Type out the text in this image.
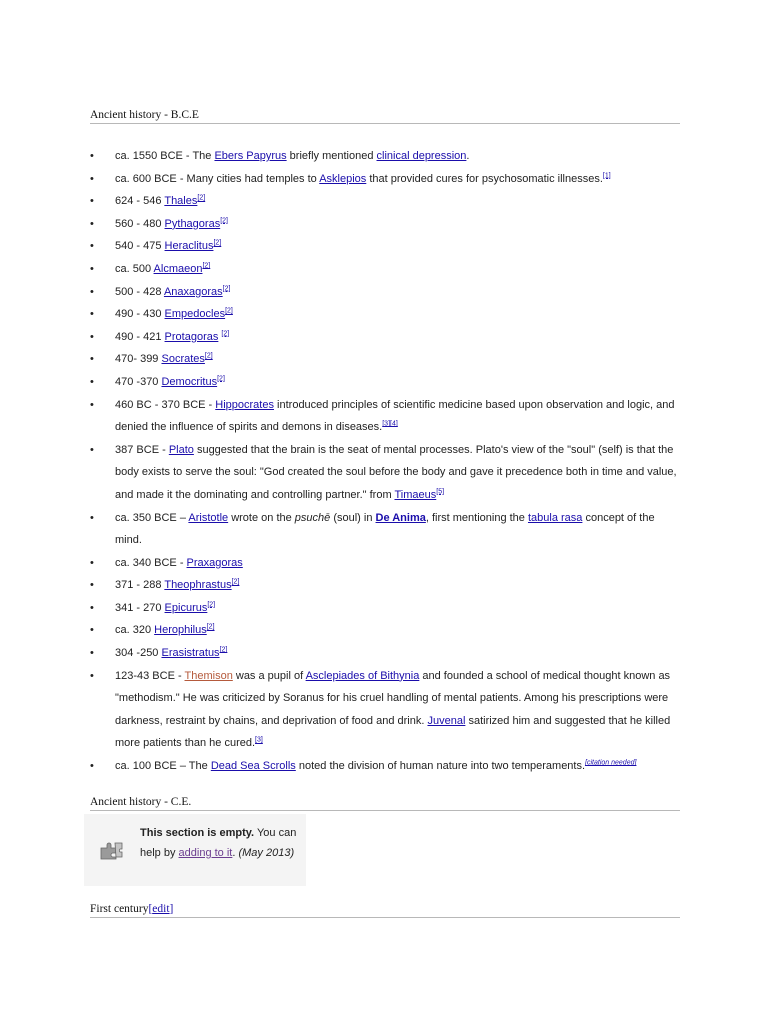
Ancient history - B.C.E
• ca. 1550 BCE - The Ebers Papyrus briefly mentioned clinical depression.
• ca. 600 BCE - Many cities had temples to Asklepios that provided cures for psychosomatic illnesses.[1]
• 624 - 546 Thales[2]
• 560 - 480 Pythagoras[2]
• 540 - 475 Heraclitus[2]
• ca. 500 Alcmaeon[2]
• 500 - 428 Anaxagoras[2]
• 490 - 430 Empedocles[2]
• 490 - 421 Protagoras [2]
• 470- 399 Socrates[2]
• 470 -370 Democritus[2]
• 460 BC - 370 BCE - Hippocrates introduced principles of scientific medicine based upon observation and logic, and denied the influence of spirits and demons in diseases.[3][4]
• 387 BCE - Plato suggested that the brain is the seat of mental processes. Plato's view of the "soul" (self) is that the body exists to serve the soul: "God created the soul before the body and gave it precedence both in time and value, and made it the dominating and controlling partner." from Timaeus[5]
• ca. 350 BCE – Aristotle wrote on the psuchē (soul) in De Anima, first mentioning the tabula rasa concept of the mind.
• ca. 340 BCE - Praxagoras
• 371 - 288 Theophrastus[2]
• 341 - 270 Epicurus[2]
• ca. 320 Herophilus[2]
• 304 -250 Erasistratus[2]
• 123-43 BCE - Themison was a pupil of Asclepiades of Bithynia and founded a school of medical thought known as "methodism." He was criticized by Soranus for his cruel handling of mental patients. Among his prescriptions were darkness, restraint by chains, and deprivation of food and drink. Juvenal satirized him and suggested that he killed more patients than he cured.[3]
• ca. 100 BCE – The Dead Sea Scrolls noted the division of human nature into two temperaments.[citation needed]
Ancient history - C.E.
This section is empty. You can help by adding to it. (May 2013)
First century[edit]
